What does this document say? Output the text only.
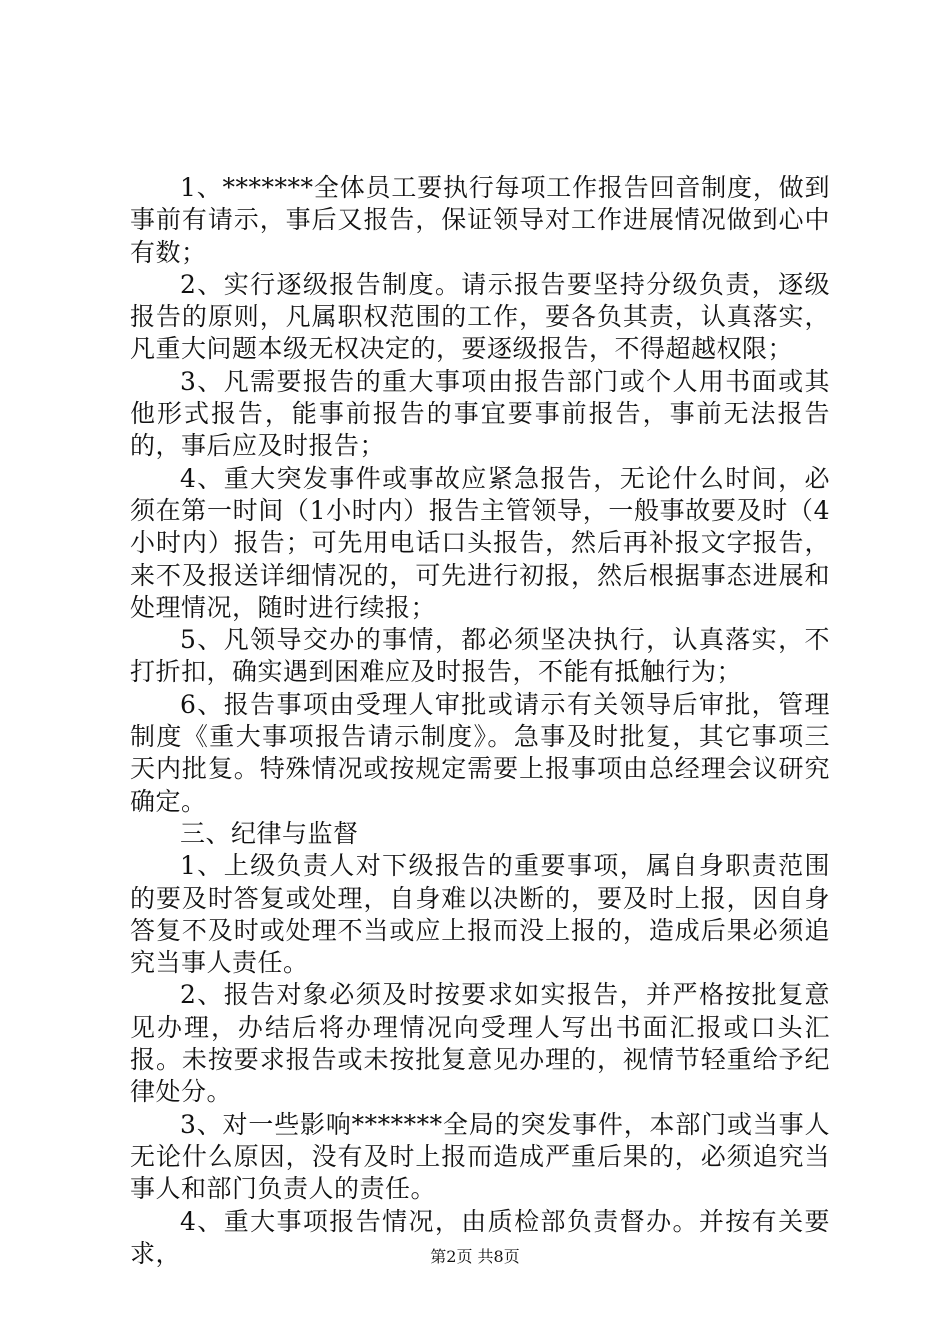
1、*******全体员工要执行每项工作报告回音制度，做到事前有请示，事后又报告，保证领导对工作进展情况做到心中有数；

2、实行逐级报告制度。请示报告要坚持分级负责，逐级报告的原则，凡属职权范围的工作，要各负其责，认真落实，凡重大问题本级无权决定的，要逐级报告，不得超越权限；

3、凡需要报告的重大事项由报告部门或个人用书面或其他形式报告，能事前报告的事宜要事前报告，事前无法报告的，事后应及时报告；

4、重大突发事件或事故应紧急报告，无论什么时间，必须在第一时间（1小时内）报告主管领导，一般事故要及时（4小时内）报告；可先用电话口头报告，然后再补报文字报告，来不及报送详细情况的，可先进行初报，然后根据事态进展和处理情况，随时进行续报；

5、凡领导交办的事情，都必须坚决执行，认真落实，不打折扣，确实遇到困难应及时报告，不能有抵触行为；

6、报告事项由受理人审批或请示有关领导后审批，管理制度《重大事项报告请示制度》。急事及时批复，其它事项三天内批复。特殊情况或按规定需要上报事项由总经理会议研究确定。

三、纪律与监督

1、上级负责人对下级报告的重要事项，属自身职责范围的要及时答复或处理，自身难以决断的，要及时上报，因自身答复不及时或处理不当或应上报而没上报的，造成后果必须追究当事人责任。

2、报告对象必须及时按要求如实报告，并严格按批复意见办理，办结后将办理情况向受理人写出书面汇报或口头汇报。未按要求报告或未按批复意见办理的，视情节轻重给予纪律处分。

3、对一些影响*******全局的突发事件，本部门或当事人无论什么原因，没有及时上报而造成严重后果的，必须追究当事人和部门负责人的责任。

4、重大事项报告情况，由质检部负责督办。并按有关要求，	第2页 共8页
